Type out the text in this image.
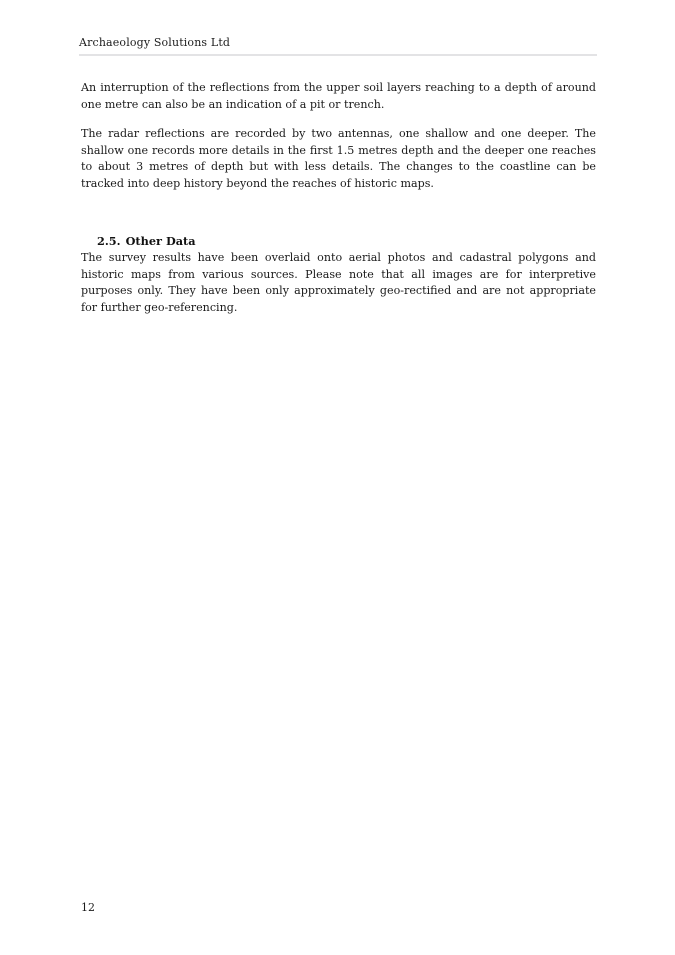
Archaeology Solutions Ltd

An interruption of the reflections from the upper soil layers reaching to a depth of around one metre can also be an indication of a pit or trench.

The radar reflections are recorded by two antennas, one shallow and one deeper. The shallow one records more details in the first 1.5 metres depth and the deeper one reaches to about 3 metres of depth but with less details. The changes to the coastline can be tracked into deep history beyond the reaches of historic maps.

2.5. Other Data

The survey results have been overlaid onto aerial photos and cadastral polygons and historic maps from various sources. Please note that all images are for interpretive purposes only. They have been only approximately geo-rectified and are not appropriate for further geo-referencing.

12
